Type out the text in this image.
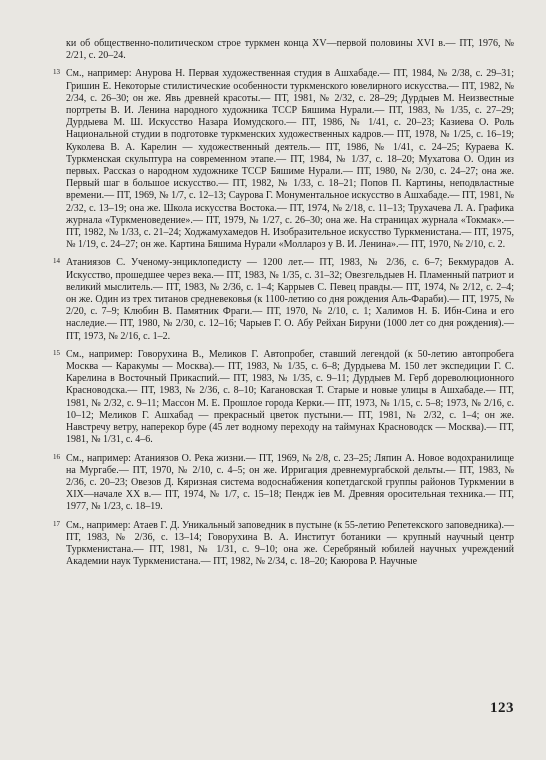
ки об общественно-политическом строе туркмен конца XV—первой половины XVI в.— ПТ, 1976, № 2/21, с. 20–24.

13 См., например: Анурова Н. Первая художественная студия в Ашхабаде.— ПТ, 1984, № 2/38, с. 29–31; Гришин Е. Некоторые стилистические особенности туркменского ювелирного искусства.— ПТ, 1982, № 2/34, с. 26–30; он же. Явь древней красоты.— ПТ, 1981, № 2/32, с. 28–29; Дурдыев М. Неизвестные портреты В. И. Ленина народного художника ТССР Бяшима Нурали.— ПТ, 1983, № 1/35, с. 27–29; Дурдыева М. Ш. Искусство Назара Иомудского.— ПТ, 1986, № 1/41, с. 20–23; Казиева О. Роль Национальной студии в подготовке туркменских художественных кадров.— ПТ, 1978, № 1/25, с. 16–19; Куколева В. А. Карелин — художественный деятель.— ПТ, 1986, № 1/41, с. 24–25; Куpаева К. Туркменская скульптура на современном этапе.— ПТ, 1984, № 1/37, с. 18–20; Мухатова О. Один из первых. Рассказ о народном художнике ТССР Бяшиме Нурали.— ПТ, 1980, № 2/30, с. 24–27; она же. Первый шаг в большое искусство.— ПТ, 1982, № 1/33, с. 18–21; Попов П. Картины, неподвластные времени.— ПТ, 1969, № 1/7, с. 12–13; Саурова Г. Монументальное искусство в Ашхабаде.— ПТ, 1981, № 2/32, с. 13–19; она же. Школа искусства Востока.— ПТ, 1974, № 2/18, с. 11–13; Трухачева Л. А. Графика журнала «Туркменоведение».— ПТ, 1979, № 1/27, с. 26–30; она же. На страницах журнала «Токмак».— ПТ, 1982, № 1/33, с. 21–24; Ходжамухамедов Н. Изобразительное искусство Туркменистана.— ПТ, 1975, № 1/19, с. 24–27; он же. Картина Бяшима Нурали «Моллароз у В. И. Ленина».— ПТ, 1970, № 2/10, с. 2.
14 Атаниязов С. Ученому-энциклопедисту — 1200 лет.— ПТ, 1983, № 2/36, с. 6–7; Бекмурадов А. Искусство, прошедшее через века.— ПТ, 1983, № 1/35, с. 31–32; Овезгельдыев Н. Пламенный патриот и великий мыслитель.— ПТ, 1983, № 2/36, с. 1–4; Карpыев С. Певец правды.— ПТ, 1974, № 2/12, с. 2–4; он же. Один из трех титанов средневековья (к 1100-летию со дня рождения Аль-Фараби).— ПТ, 1975, № 2/20, с. 7–9; Клюбин В. Памятник Фраги.— ПТ, 1970, № 2/10, с. 1; Халимов Н. Б. Ибн-Сина и его наследие.— ПТ, 1980, № 2/30, с. 12–16; Чарыев Г. О. Абу Рейхан Бируни (1000 лет со дня рождения).— ПТ, 1973, № 2/16, с. 1–2.
15 См., например: Говорухина В., Меликов Г. Автопробег, ставший легендой (к 50-летию автопробега Москва — Каракумы — Москва).— ПТ, 1983, № 1/35, с. 6–8; Дурдыева М. 150 лет экспедиции Г. С. Карелина в Восточный Прикаспий.— ПТ, 1983, № 1/35, с. 9–11; Дурдыев М. Герб дореволюционного Красноводска.— ПТ, 1983, № 2/36, с. 8–10; Кагановская Т. Старые и новые улицы в Ашхабаде.— ПТ, 1981, № 2/32, с. 9–11; Массон М. Е. Прошлое города Керки.— ПТ, 1973, № 1/15, с. 5–8; 1973, № 2/16, с. 10–12; Меликов Г. Ашхабад — прекрасный цветок пустыни.— ПТ, 1981, № 2/32, с. 1–4; он же. Навстречу ветру, наперекор буре (45 лет водному переходу на таймунах Красноводск — Москва).— ПТ, 1981, № 1/31, с. 4–6.
16 См., например: Атаниязов О. Река жизни.— ПТ, 1969, № 2/8, с. 23–25; Ляпин А. Новое водохранилище на Мургабе.— ПТ, 1970, № 2/10, с. 4–5; он же. Ирригация древнемургабской дельты.— ПТ, 1983, № 2/36, с. 20–23; Овезов Д. Кяризная система водоснабжения копетдагской группы районов Туркмении в XIX—начале XX в.— ПТ, 1974, № 1/7, с. 15–18; Пендж iев М. Древняя оросительная техника.— ПТ, 1977, № 1/23, с. 18–19.
17 См., например: Атаев Г. Д. Уникальный заповедник в пустыне (к 55-летию Репетекского заповедника).— ПТ, 1983, № 2/36, с. 13–14; Говорухина В. А. Институт ботаники — крупный научный центр Туркменистана.— ПТ, 1981, № 1/31, с. 9–10; она же. Серебряный юбилей научных учреждений Академии наук Туркменистана.— ПТ, 1982, № 2/34, с. 18–20; Каюрова Р. Научные
123
